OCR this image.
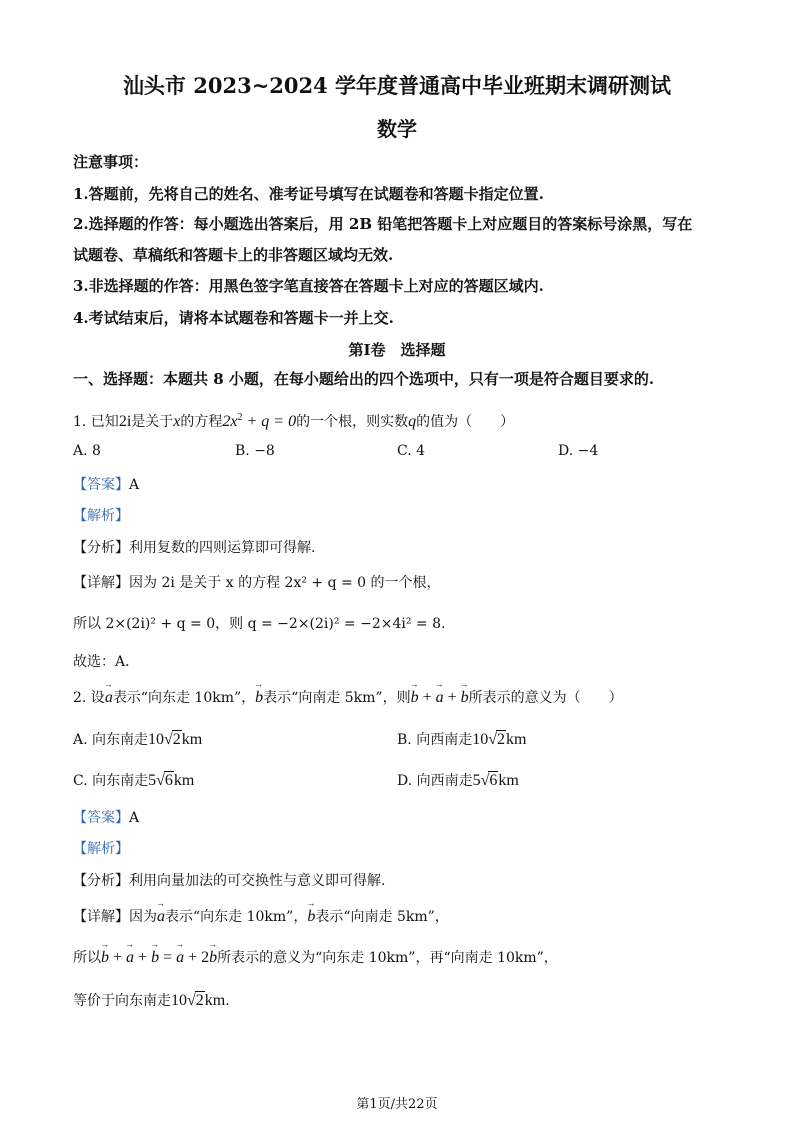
汕头市 2023~2024 学年度普通高中毕业班期末调研测试
数学
注意事项：
1.答题前，先将自己的姓名、准考证号填写在试题卷和答题卡指定位置.
2.选择题的作答：每小题选出答案后，用 2B 铅笔把答题卡上对应题目的答案标号涂黑，写在
试题卷、草稿纸和答题卡上的非答题区域均无效.
3.非选择题的作答：用黑色签字笔直接答在答题卡上对应的答题区域内.
4.考试结束后，请将本试题卷和答题卡一并上交.
第Ⅰ卷　选择题
一、选择题：本题共 8 小题，在每小题给出的四个选项中，只有一项是符合题目要求的.
1. 已知2i是关于x的方程$2x^2 + q = 0$的一个根，则实数q的值为（　　）
A. 8	B. −8	C. 4	D. −4
【答案】A
【解析】
【分析】利用复数的四则运算即可得解.
【详解】因为 2i 是关于 x 的方程 2x² + q = 0 的一个根，
所以 2×(2i)² + q = 0，则 q = −2×(2i)² = −2×4i² = 8.
故选：A.
2. 设→ a表示“向东走 10km”，→ b表示“向南走 5km”，则→ b + → a + → b所表示的意义为（　　）
A. 向东南走10√2km	B. 向西南走10√2km
C. 向东南走5√6km	D. 向西南走5√6km
【答案】A
【解析】
【分析】利用向量加法的可交换性与意义即可得解.
【详解】因为→ a表示“向东走 10km”，→ b表示“向南走 5km”，
所以→ b + → a + → b = → a + 2→ b所表示的意义为“向东走 10km”，再“向南走 10km”，
等价于向东南走10√2km.
第1页/共22页
